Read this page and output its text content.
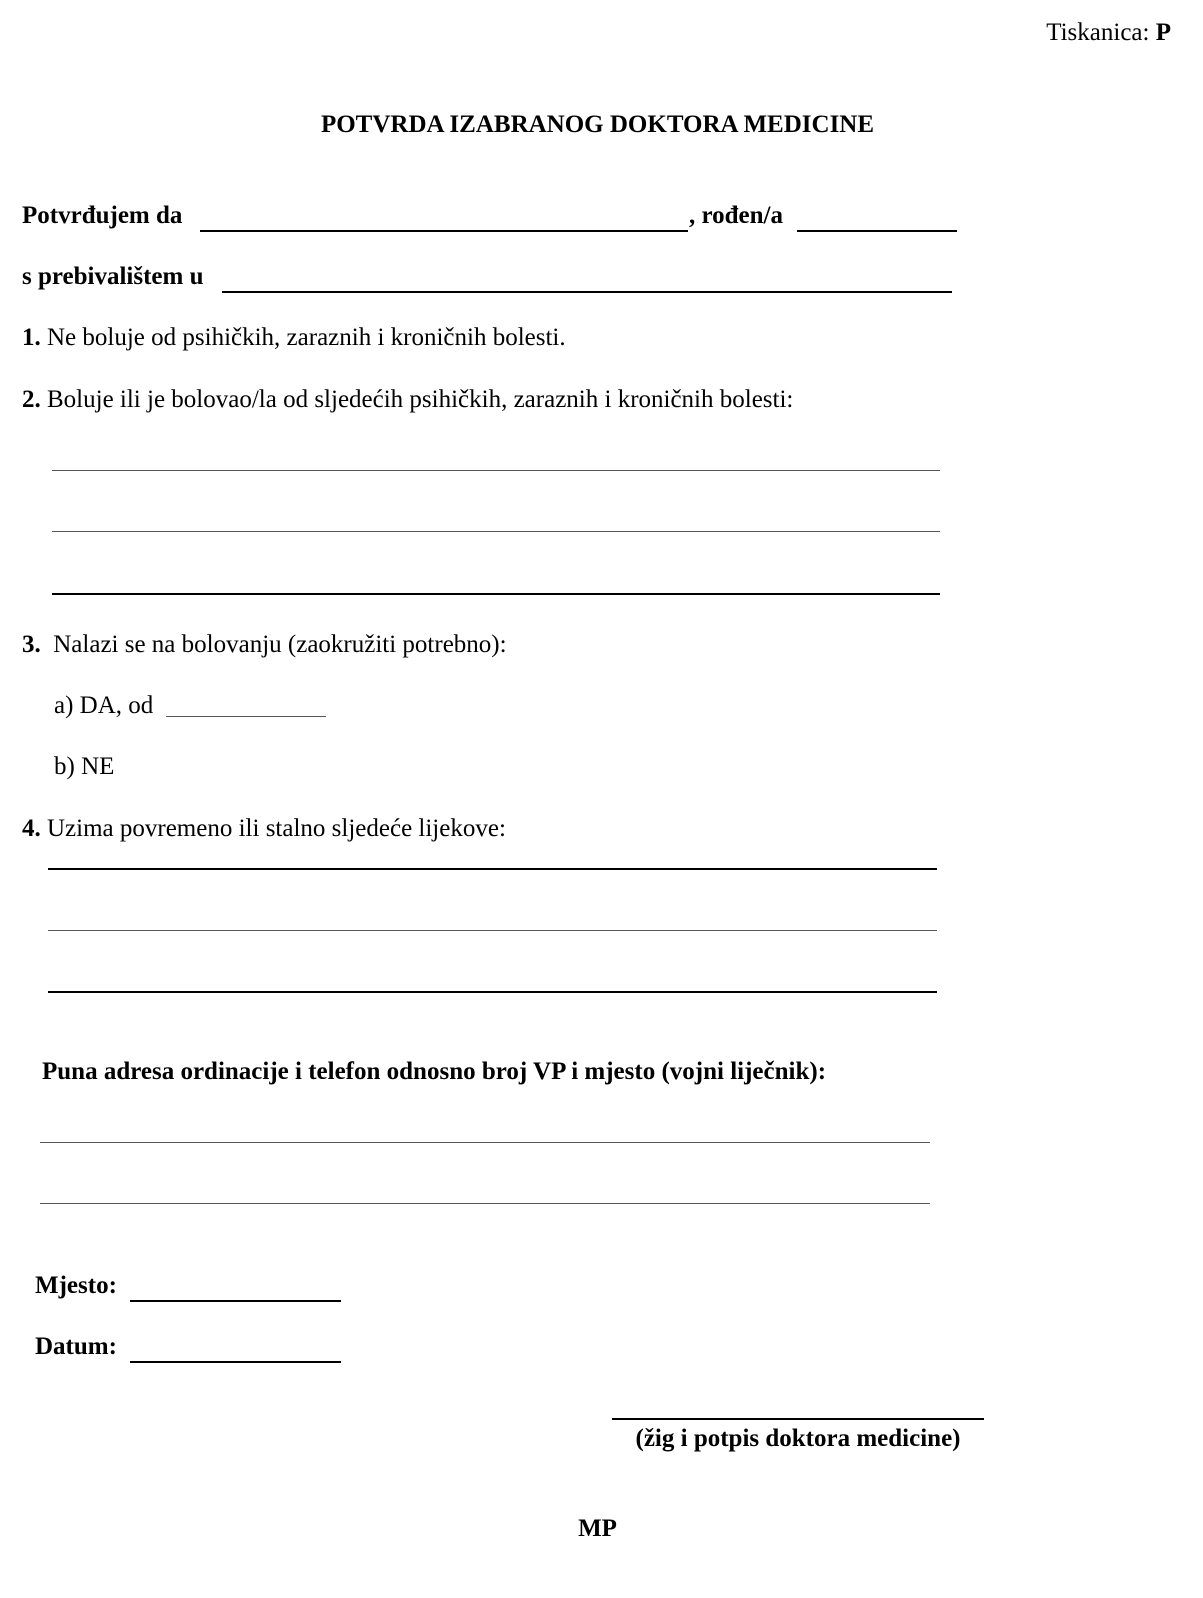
Tiskanica: P
POTVRDA IZABRANOG DOKTORA MEDICINE
Potvrđujem da	, rođen/a
s prebivalištem u
1. Ne boluje od psihičkih, zaraznih i kroničnih bolesti.
2. Boluje ili je bolovao/la od sljedećih psihičkih, zaraznih i kroničnih bolesti:
3. Nalazi se na bolovanju (zaokružiti potrebno):
a) DA, od
b) NE
4. Uzima povremeno ili stalno sljedeće lijekove:
Puna adresa ordinacije i telefon odnosno broj VP i mjesto (vojni liječnik):
Mjesto:
Datum:
(žig i potpis doktora medicine)
MP
